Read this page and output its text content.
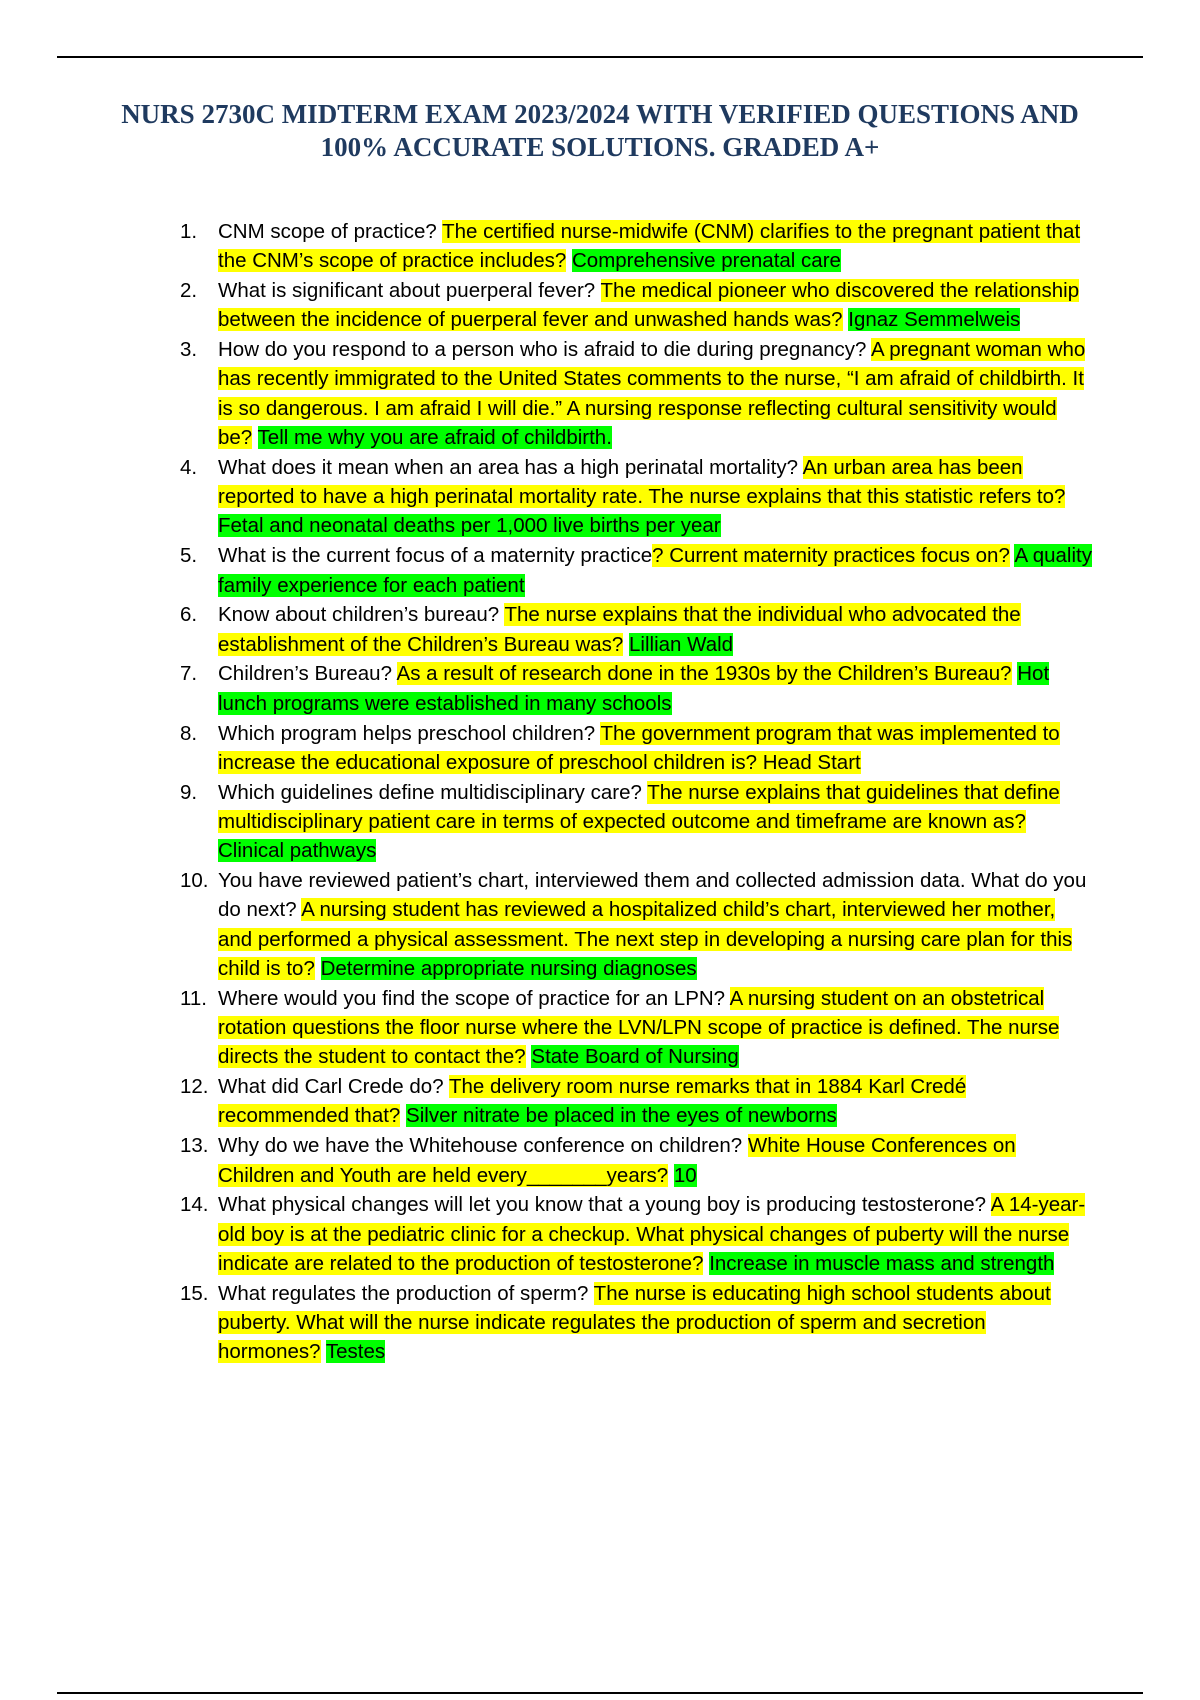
NURS 2730C MIDTERM EXAM 2023/2024 WITH VERIFIED QUESTIONS AND 100% ACCURATE SOLUTIONS. GRADED A+
1. CNM scope of practice? The certified nurse-midwife (CNM) clarifies to the pregnant patient that the CNM’s scope of practice includes? Comprehensive prenatal care
2. What is significant about puerperal fever? The medical pioneer who discovered the relationship between the incidence of puerperal fever and unwashed hands was? Ignaz Semmelweis
3. How do you respond to a person who is afraid to die during pregnancy? A pregnant woman who has recently immigrated to the United States comments to the nurse, “I am afraid of childbirth. It is so dangerous. I am afraid I will die.” A nursing response reflecting cultural sensitivity would be? Tell me why you are afraid of childbirth.
4. What does it mean when an area has a high perinatal mortality? An urban area has been reported to have a high perinatal mortality rate. The nurse explains that this statistic refers to? Fetal and neonatal deaths per 1,000 live births per year
5. What is the current focus of a maternity practice? Current maternity practices focus on? A quality family experience for each patient
6. Know about children’s bureau? The nurse explains that the individual who advocated the establishment of the Children’s Bureau was? Lillian Wald
7. Children’s Bureau? As a result of research done in the 1930s by the Children’s Bureau? Hot lunch programs were established in many schools
8. Which program helps preschool children? The government program that was implemented to increase the educational exposure of preschool children is? Head Start
9. Which guidelines define multidisciplinary care? The nurse explains that guidelines that define multidisciplinary patient care in terms of expected outcome and timeframe are known as? Clinical pathways
10. You have reviewed patient’s chart, interviewed them and collected admission data. What do you do next? A nursing student has reviewed a hospitalized child’s chart, interviewed her mother, and performed a physical assessment. The next step in developing a nursing care plan for this child is to? Determine appropriate nursing diagnoses
11. Where would you find the scope of practice for an LPN? A nursing student on an obstetrical rotation questions the floor nurse where the LVN/LPN scope of practice is defined. The nurse directs the student to contact the? State Board of Nursing
12. What did Carl Crede do? The delivery room nurse remarks that in 1884 Karl Credé recommended that? Silver nitrate be placed in the eyes of newborns
13. Why do we have the Whitehouse conference on children? White House Conferences on Children and Youth are held every_______years? 10
14. What physical changes will let you know that a young boy is producing testosterone? A 14-year-old boy is at the pediatric clinic for a checkup. What physical changes of puberty will the nurse indicate are related to the production of testosterone? Increase in muscle mass and strength
15. What regulates the production of sperm? The nurse is educating high school students about puberty. What will the nurse indicate regulates the production of sperm and secretion hormones? Testes
